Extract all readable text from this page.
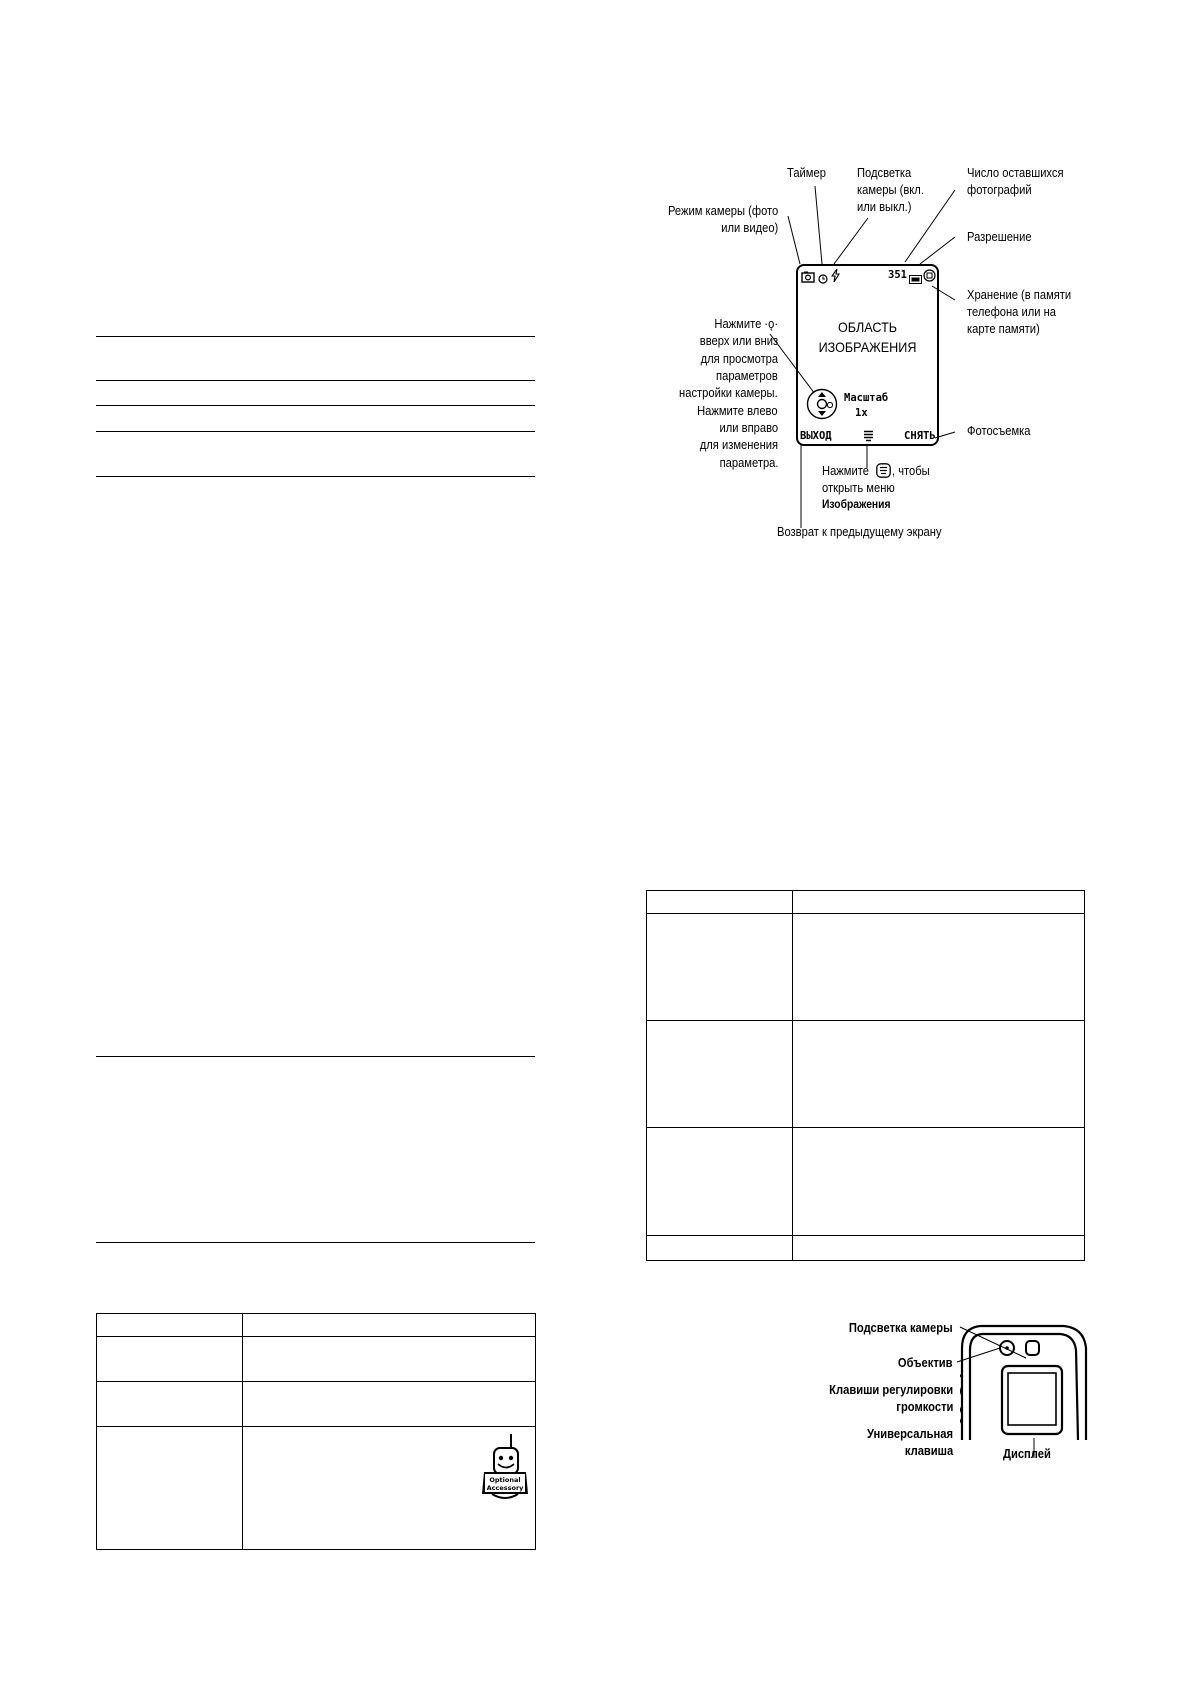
Optional
Accessory
351
ОБЛАСТЬ
ИЗОБРАЖЕНИЯ
Масштаб
1x
ВЫХОД	СНЯТЬ
Таймер Подсветка
камеры (вкл.
или выкл.)
Число оставшихся
фотографий
Режим камеры (фото
или видео)
Разрешение
Хранение (в памяти
телефона или на
карте памяти)
Нажмите ·ǫ·
вверх или вниз
для просмотра
параметров
настройки камеры.
Нажмите влево
или вправо
для изменения
параметра.
Фотосъемка
Нажмите , чтобы
открыть меню
Изображения
Возврат к предыдущему экрану
Подсветка камеры
Объектив
Клавиши регулировки
громкости
Универсальная
клавиша	Дисплей
